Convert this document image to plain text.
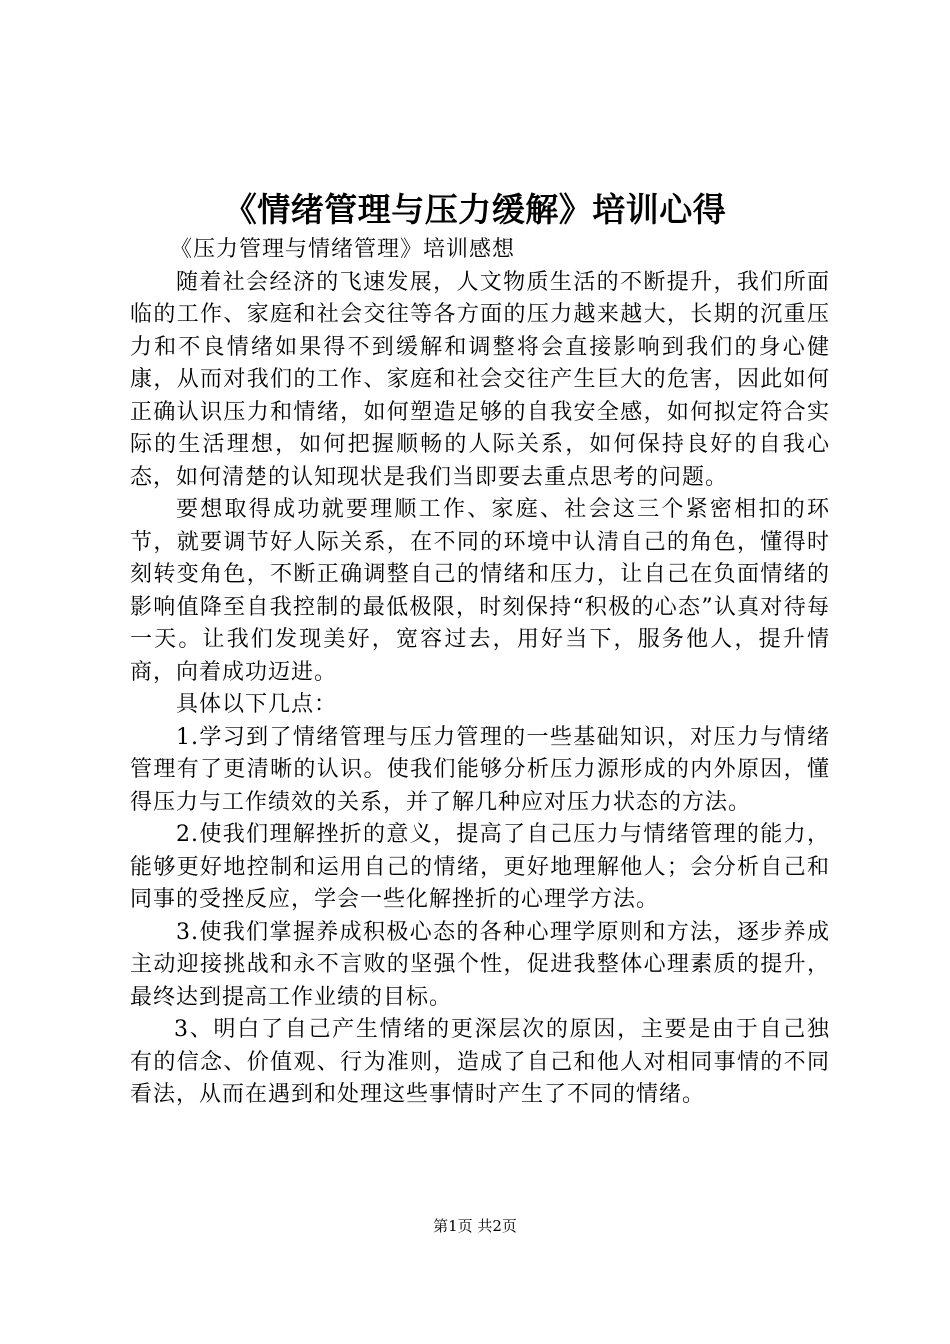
《情绪管理与压力缓解》培训心得

《压力管理与情绪管理》培训感想

随着社会经济的飞速发展，人文物质生活的不断提升，我们所面临的工作、家庭和社会交往等各方面的压力越来越大，长期的沉重压力和不良情绪如果得不到缓解和调整将会直接影响到我们的身心健康，从而对我们的工作、家庭和社会交往产生巨大的危害，因此如何正确认识压力和情绪，如何塑造足够的自我安全感，如何拟定符合实际的生活理想，如何把握顺畅的人际关系，如何保持良好的自我心态，如何清楚的认知现状是我们当即要去重点思考的问题。

要想取得成功就要理顺工作、家庭、社会这三个紧密相扣的环节，就要调节好人际关系，在不同的环境中认清自己的角色，懂得时刻转变角色，不断正确调整自己的情绪和压力，让自己在负面情绪的影响值降至自我控制的最低极限，时刻保持“积极的心态”认真对待每一天。让我们发现美好，宽容过去，用好当下，服务他人，提升情商，向着成功迈进。

具体以下几点：

1.学习到了情绪管理与压力管理的一些基础知识，对压力与情绪管理有了更清晰的认识。使我们能够分析压力源形成的内外原因，懂得压力与工作绩效的关系，并了解几种应对压力状态的方法。

2.使我们理解挫折的意义，提高了自己压力与情绪管理的能力，能够更好地控制和运用自己的情绪，更好地理解他人；会分析自己和同事的受挫反应，学会一些化解挫折的心理学方法。

3.使我们掌握养成积极心态的各种心理学原则和方法，逐步养成主动迎接挑战和永不言败的坚强个性，促进我整体心理素质的提升，最终达到提高工作业绩的目标。

3、明白了自己产生情绪的更深层次的原因，主要是由于自己独有的信念、价值观、行为准则，造成了自己和他人对相同事情的不同看法，从而在遇到和处理这些事情时产生了不同的情绪。

第1页 共2页
